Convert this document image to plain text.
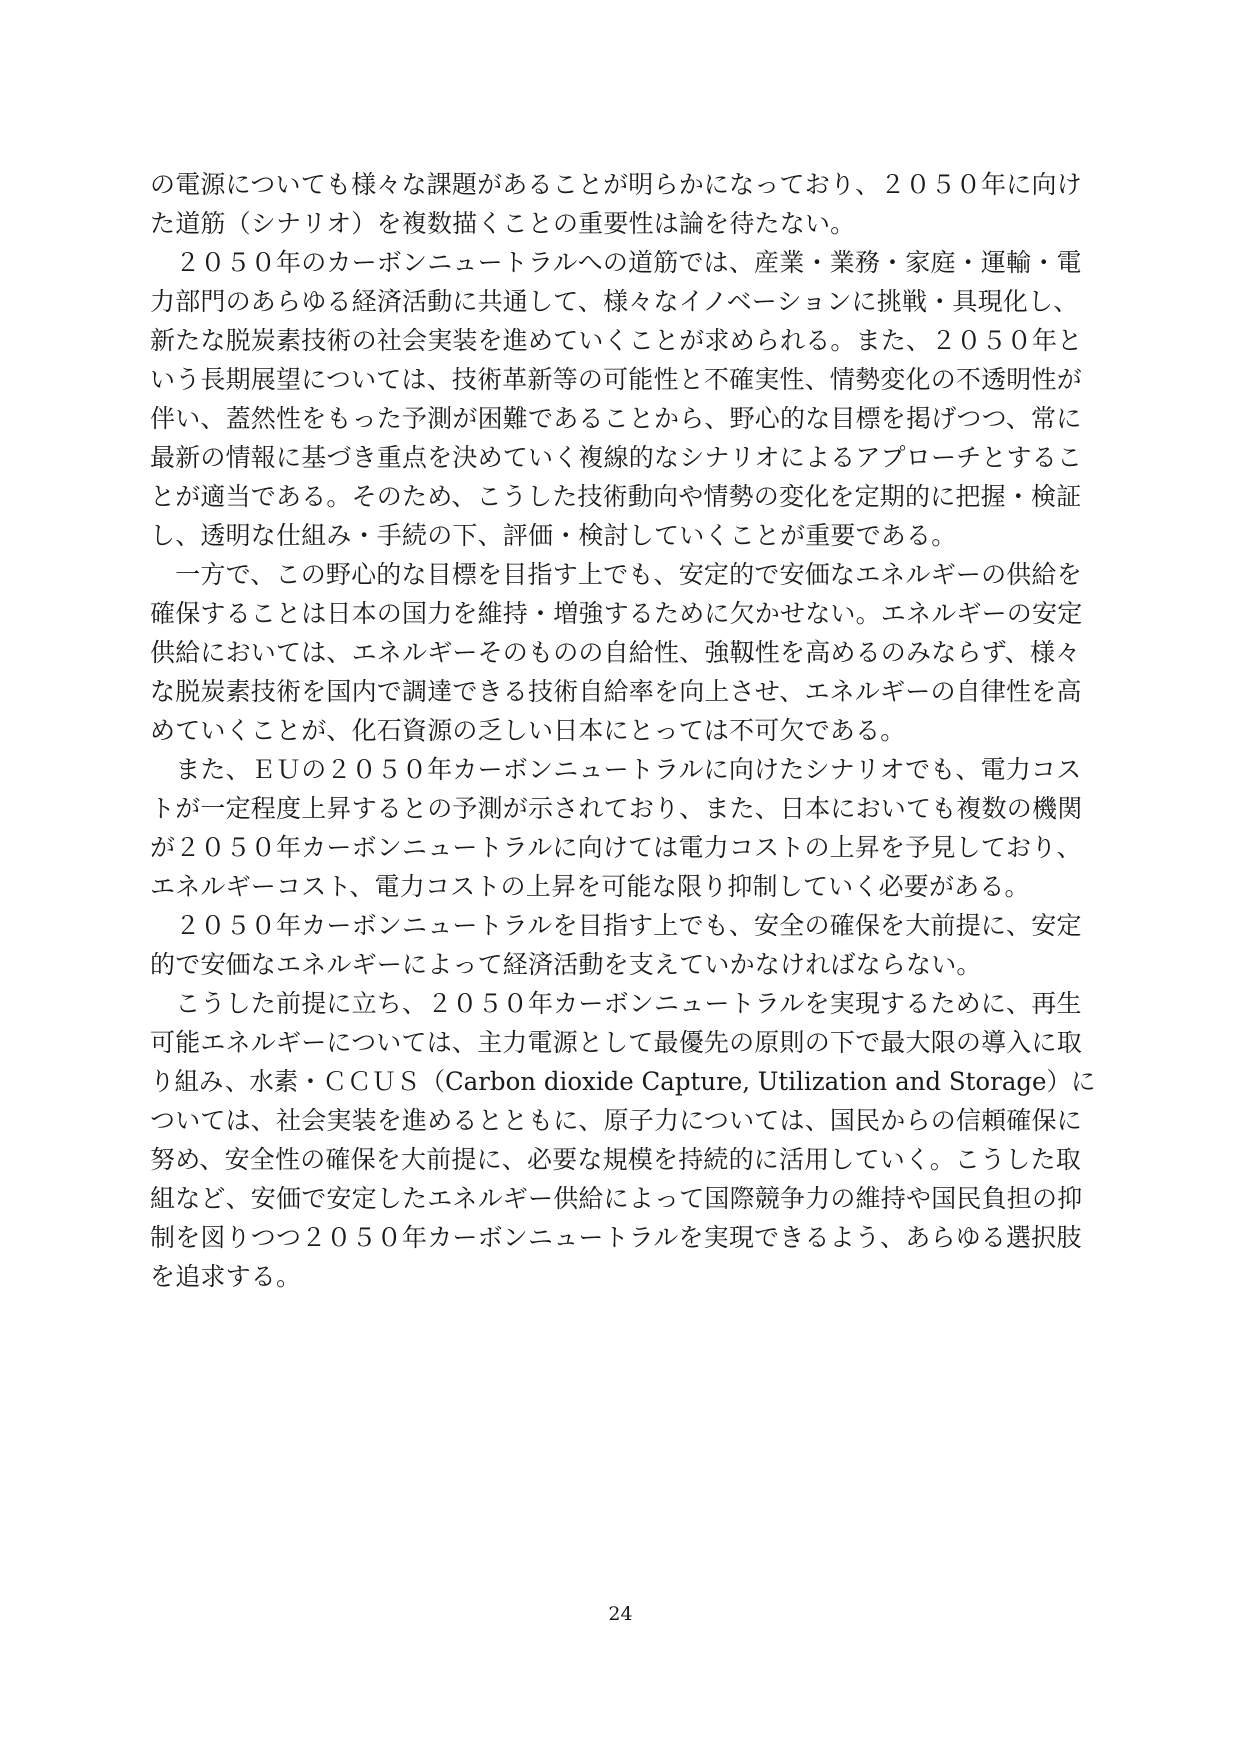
の電源についても様々な課題があることが明らかになっており、２０５０年に向け
た道筋（シナリオ）を複数描くことの重要性は論を待たない。
　２０５０年のカーボンニュートラルへの道筋では、産業・業務・家庭・運輸・電
力部門のあらゆる経済活動に共通して、様々なイノベーションに挑戦・具現化し、
新たな脱炭素技術の社会実装を進めていくことが求められる。また、２０５０年と
いう長期展望については、技術革新等の可能性と不確実性、情勢変化の不透明性が
伴い、蓋然性をもった予測が困難であることから、野心的な目標を掲げつつ、常に
最新の情報に基づき重点を決めていく複線的なシナリオによるアプローチとするこ
とが適当である。そのため、こうした技術動向や情勢の変化を定期的に把握・検証
し、透明な仕組み・手続の下、評価・検討していくことが重要である。
　一方で、この野心的な目標を目指す上でも、安定的で安価なエネルギーの供給を
確保することは日本の国力を維持・増強するために欠かせない。エネルギーの安定
供給においては、エネルギーそのものの自給性、強靱性を高めるのみならず、様々
な脱炭素技術を国内で調達できる技術自給率を向上させ、エネルギーの自律性を高
めていくことが、化石資源の乏しい日本にとっては不可欠である。
　また、ＥＵの２０５０年カーボンニュートラルに向けたシナリオでも、電力コス
トが一定程度上昇するとの予測が示されており、また、日本においても複数の機関
が２０５０年カーボンニュートラルに向けては電力コストの上昇を予見しており、
エネルギーコスト、電力コストの上昇を可能な限り抑制していく必要がある。
　２０５０年カーボンニュートラルを目指す上でも、安全の確保を大前提に、安定
的で安価なエネルギーによって経済活動を支えていかなければならない。
　こうした前提に立ち、２０５０年カーボンニュートラルを実現するために、再生
可能エネルギーについては、主力電源として最優先の原則の下で最大限の導入に取
り組み、水素・ＣＣＵＳ（Carbon dioxide Capture, Utilization and Storage）に
ついては、社会実装を進めるとともに、原子力については、国民からの信頼確保に
努め、安全性の確保を大前提に、必要な規模を持続的に活用していく。こうした取
組など、安価で安定したエネルギー供給によって国際競争力の維持や国民負担の抑
制を図りつつ２０５０年カーボンニュートラルを実現できるよう、あらゆる選択肢
を追求する。
24
